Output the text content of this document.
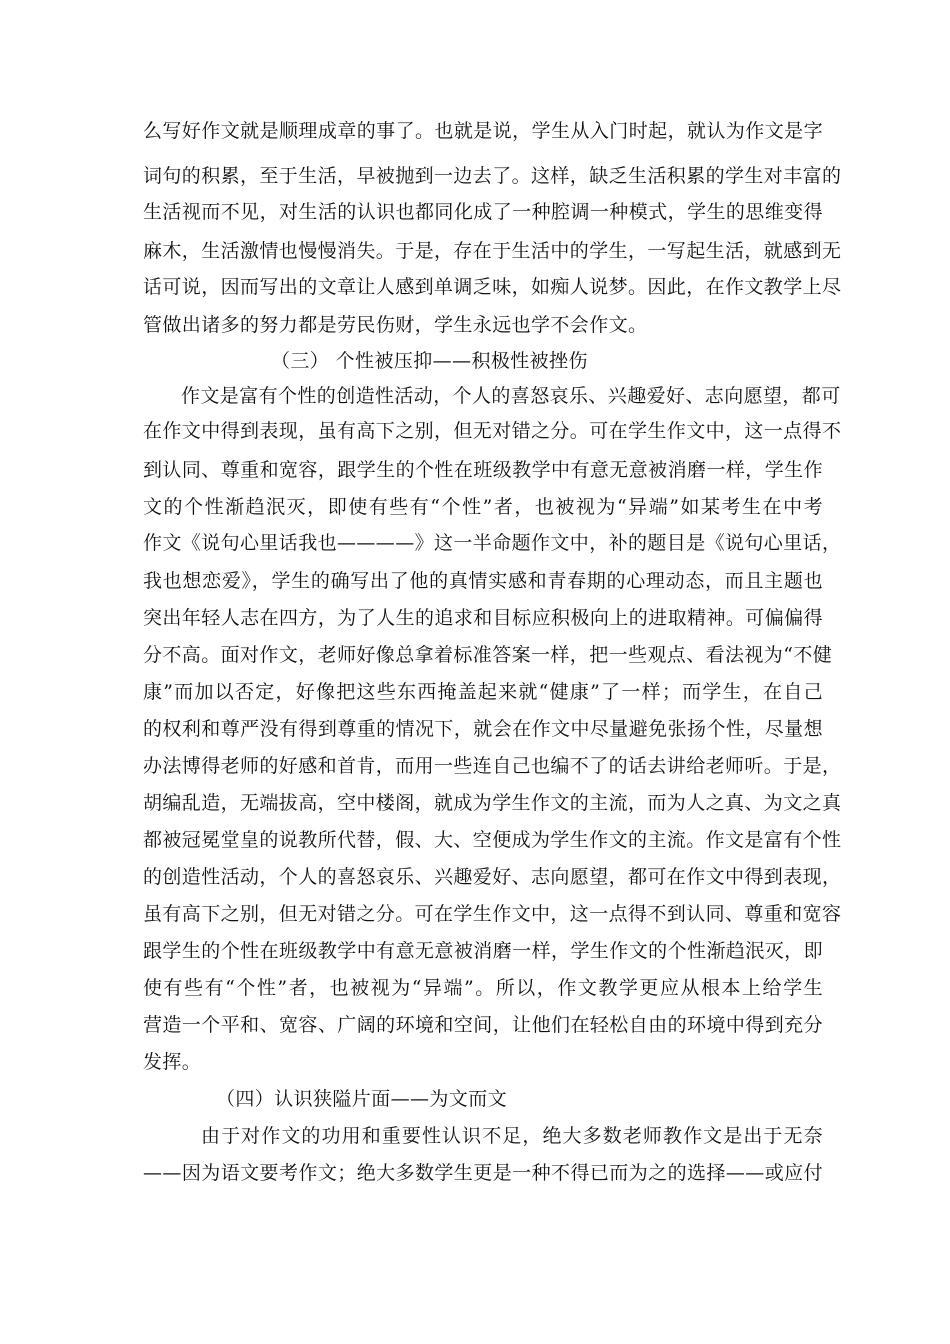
么写好作文就是顺理成章的事了。也就是说，学生从入门时起，就认为作文是字
词句的积累，至于生活，早被抛到一边去了。这样，缺乏生活积累的学生对丰富的
生活视而不见，对生活的认识也都同化成了一种腔调一种模式，学生的思维变得
麻木，生活激情也慢慢消失。于是，存在于生活中的学生，一写起生活，就感到无
话可说，因而写出的文章让人感到单调乏味，如痴人说梦。因此，在作文教学上尽
管做出诸多的努力都是劳民伤财，学生永远也学不会作文。
（三） 个性被压抑——积极性被挫伤
作文是富有个性的创造性活动，个人的喜怒哀乐、兴趣爱好、志向愿望，都可
在作文中得到表现，虽有高下之别，但无对错之分。可在学生作文中，这一点得不
到认同、尊重和宽容，跟学生的个性在班级教学中有意无意被消磨一样，学生作
文的个性渐趋泯灭，即使有些有“个性”者，也被视为“异端”如某考生在中考
作文《说句心里话我也————》这一半命题作文中，补的题目是《说句心里话，
我也想恋爱》，学生的确写出了他的真情实感和青春期的心理动态，而且主题也
突出年轻人志在四方，为了人生的追求和目标应积极向上的进取精神。可偏偏得
分不高。面对作文，老师好像总拿着标准答案一样，把一些观点、看法视为“不健
康”而加以否定，好像把这些东西掩盖起来就“健康”了一样；而学生，在自己
的权利和尊严没有得到尊重的情况下，就会在作文中尽量避免张扬个性，尽量想
办法博得老师的好感和首肯，而用一些连自己也编不了的话去讲给老师听。于是，
胡编乱造，无端拔高，空中楼阁，就成为学生作文的主流，而为人之真、为文之真
都被冠冕堂皇的说教所代替，假、大、空便成为学生作文的主流。作文是富有个性
的创造性活动，个人的喜怒哀乐、兴趣爱好、志向愿望，都可在作文中得到表现，
虽有高下之别，但无对错之分。可在学生作文中，这一点得不到认同、尊重和宽容
跟学生的个性在班级教学中有意无意被消磨一样，学生作文的个性渐趋泯灭，即
使有些有“个性”者，也被视为“异端”。所以，作文教学更应从根本上给学生
营造一个平和、宽容、广阔的环境和空间，让他们在轻松自由的环境中得到充分
发挥。
（四）认识狭隘片面——为文而文
由于对作文的功用和重要性认识不足，绝大多数老师教作文是出于无奈
——因为语文要考作文；绝大多数学生更是一种不得已而为之的选择——或应付
